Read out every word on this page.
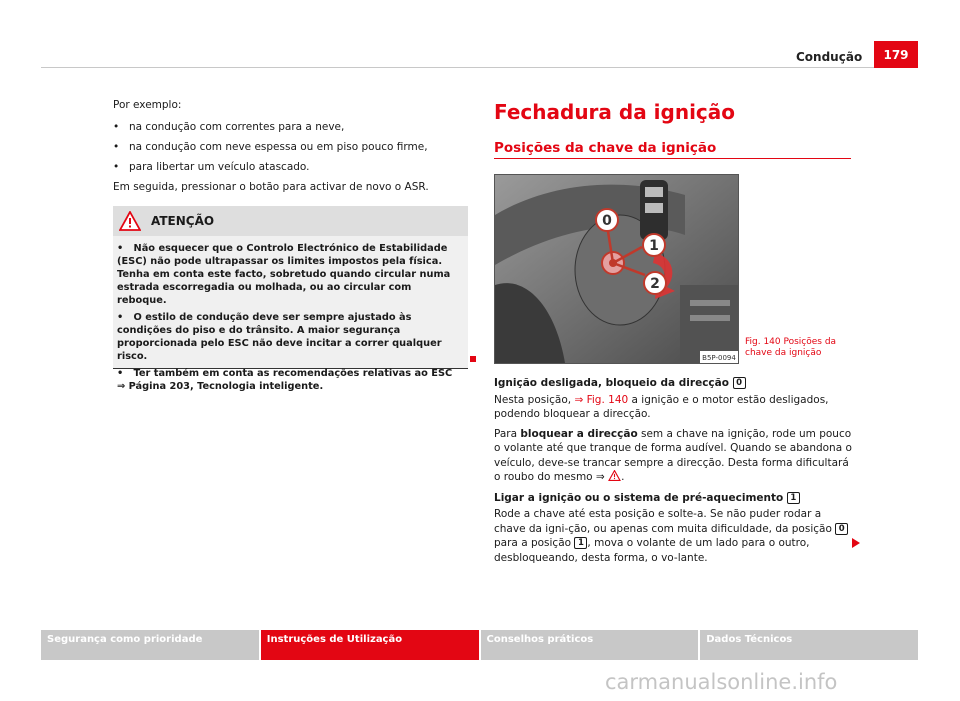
Condução	179

Por exemplo:

• na condução com correntes para a neve,
• na condução com neve espessa ou em piso pouco firme,
• para libertar um veículo atascado.

Em seguida, pressionar o botão para activar de novo o ASR.

ATENÇÃO

•   Não esquecer que o Controlo Electrónico de Estabilidade (ESC) não pode ultrapassar os limites impostos pela física. Tenha em conta este facto, sobretudo quando circular numa estrada escorregadia ou molhada, ou ao circular com reboque.

•   O estilo de condução deve ser sempre ajustado às condições do piso e do trânsito. A maior segurança proporcionada pelo ESC não deve incitar a correr qualquer risco.

•   Ter também em conta as recomendações relativas ao ESC
⇒ Página 203, Tecnologia inteligente.

Fechadura da ignição
Posições da chave da ignição
0
1
2
B5P-0094
Fig. 140 Posições da
chave da ignição

Ignição desligada, bloqueio da direcção 0

Nesta posição, ⇒ Fig. 140 a ignição e o motor estão desligados, podendo bloquear a direcção.

Para bloquear a direcção sem a chave na ignição, rode um pouco o volante até que tranque de forma audível. Quando se abandona o veículo, deve-se trancar sempre a direcção. Desta forma dificultará o roubo do mesmo ⇒ .

Ligar a ignição ou o sistema de pré-aquecimento 1

Rode a chave até esta posição e solte-a. Se não puder rodar a chave da igni-ção, ou apenas com muita dificuldade, da posição 0 para a posição 1 , mova o volante de um lado para o outro, desbloqueando, desta forma, o vo-lante.

Segurança como prioridade	Instruções de Utilização	Conselhos práticos	Dados Técnicos
carmanualsonline.info
